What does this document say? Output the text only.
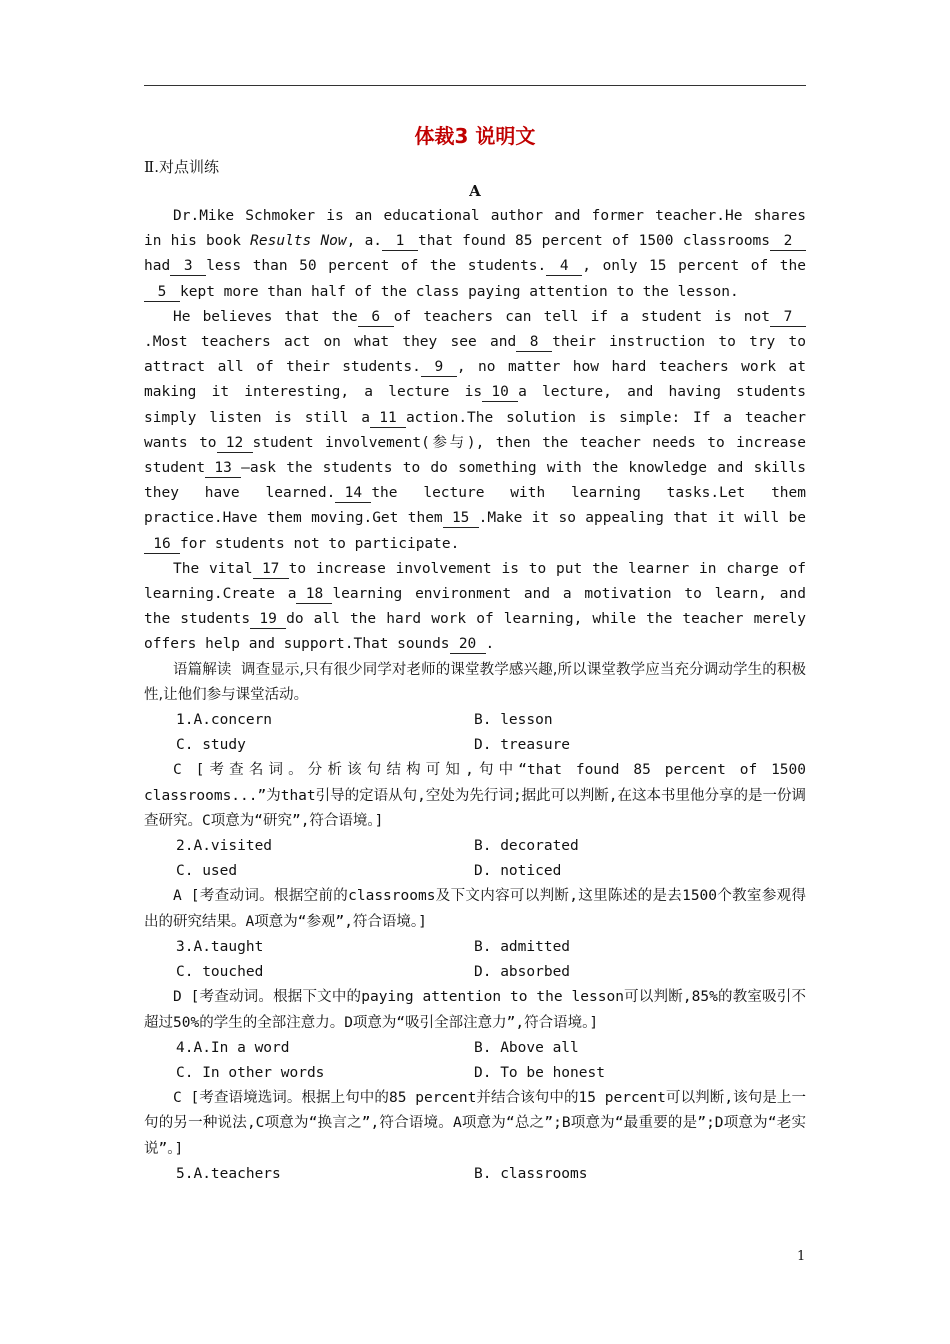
体裁3 说明文
Ⅱ.对点训练
A

Dr.Mike Schmoker is an educational author and former teacher.He shares in his book Results Now, a. 1 that found 85 percent of 1500 classrooms 2had 3 less than 50 percent of the students. 4 , only 15 percent of the 5 kept more than half of the class paying attention to the lesson.

He believes that the 6 of teachers can tell if a student is not 7.Most teachers act on what they see and 8 their instruction to try to attract all of their students. 9 , no matter how hard teachers work at making it interesting, a lecture is 10 a lecture, and having students simply listen is still a 11 action.The solution is simple: If a teacher wants to 12 student involvement(参与), then the teacher needs to increase student 13 —ask the students to do something with the knowledge and skills they have learned. 14 the lecture with learning tasks.Let them practice.Have them moving.Get them 15 .Make it so appealing that it will be16 for students not to participate.

The vital 17 to increase involvement is to put the learner in charge of learning.Create a 18 learning environment and a motivation to learn, and the students 19 do all the hard work of learning, while the teacher merely offers help and support.That sounds 20 .

语篇解读 调查显示,只有很少同学对老师的课堂教学感兴趣,所以课堂教学应当充分调动学生的积极性,让他们参与课堂活动。

1.A.concern	B. lesson
C. study	D. treasure

C [考查名词。分析该句结构可知,句中“that found 85 percent of 1500 classrooms...”为that引导的定语从句,空处为先行词;据此可以判断,在这本书里他分享的是一份调查研究。C项意为“研究”,符合语境。]

2.A.visited	B. decorated
C. used	D. noticed

A [考查动词。根据空前的classrooms及下文内容可以判断,这里陈述的是去1500个教室参观得出的研究结果。A项意为“参观”,符合语境。]

3.A.taught	B. admitted
C. touched	D. absorbed

D [考查动词。根据下文中的paying attention to the lesson可以判断,85%的教室吸引不超过50%的学生的全部注意力。D项意为“吸引全部注意力”,符合语境。]

4.A.In a word	B. Above all
C. In other words	D. To be honest

C [考查语境选词。根据上句中的85 percent并结合该句中的15 percent可以判断,该句是上一句的另一种说法,C项意为“换言之”,符合语境。A项意为“总之”;B项意为“最重要的是”;D项意为“老实说”。]

5.A.teachers	B. classrooms
1
